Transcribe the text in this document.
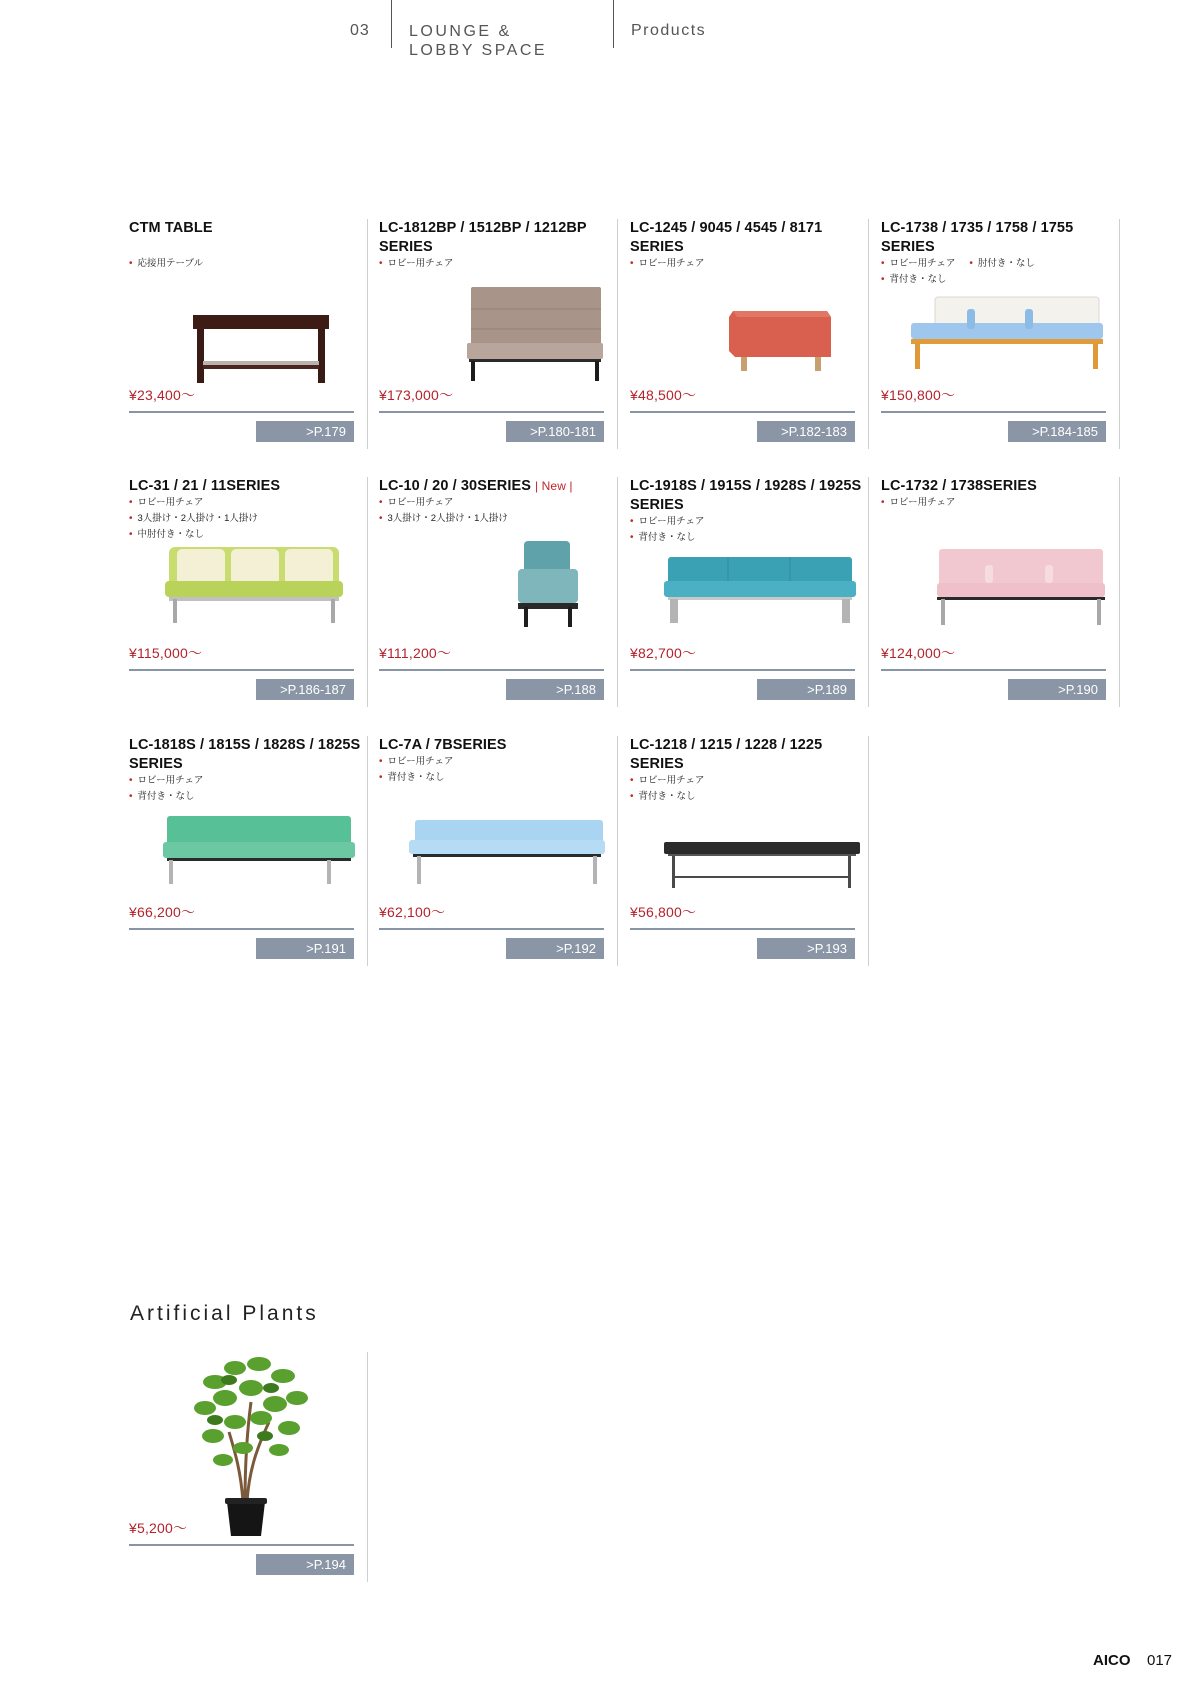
03 LOUNGE &
LOBBY SPACE
Products
CTM TABLE
• 応接用テーブル
¥23,400〜
>P.179
LC-1812BP / 1512BP / 1212BP SERIES
• ロビー用チェア
¥173,000〜
>P.180-181
LC-1245 / 9045 / 4545 / 8171 SERIES
• ロビー用チェア
¥48,500〜
>P.182-183
LC-1738 / 1735 / 1758 / 1755 SERIES
• ロビー用チェア• 肘付き・なし
• 背付き・なし
¥150,800〜
>P.184-185
LC-31 / 21 / 11SERIES
• ロビー用チェア
• 3人掛け・2人掛け・1人掛け
• 中肘付き・なし
¥115,000〜
>P.186-187
LC-10 / 20 / 30SERIES | New |
• ロビー用チェア
• 3人掛け・2人掛け・1人掛け
¥111,200〜
>P.188
LC-1918S / 1915S / 1928S / 1925S SERIES
• ロビー用チェア
• 背付き・なし
¥82,700〜
>P.189
LC-1732 / 1738SERIES
• ロビー用チェア
¥124,000〜
>P.190
LC-1818S / 1815S / 1828S / 1825S SERIES
• ロビー用チェア
• 背付き・なし
¥66,200〜
>P.191
LC-7A / 7BSERIES
• ロビー用チェア
• 背付き・なし
¥62,100〜
>P.192
LC-1218 / 1215 / 1228 / 1225 SERIES
• ロビー用チェア
• 背付き・なし
¥56,800〜
>P.193
Artificial Plants
¥5,200〜
>P.194
AICO 017
